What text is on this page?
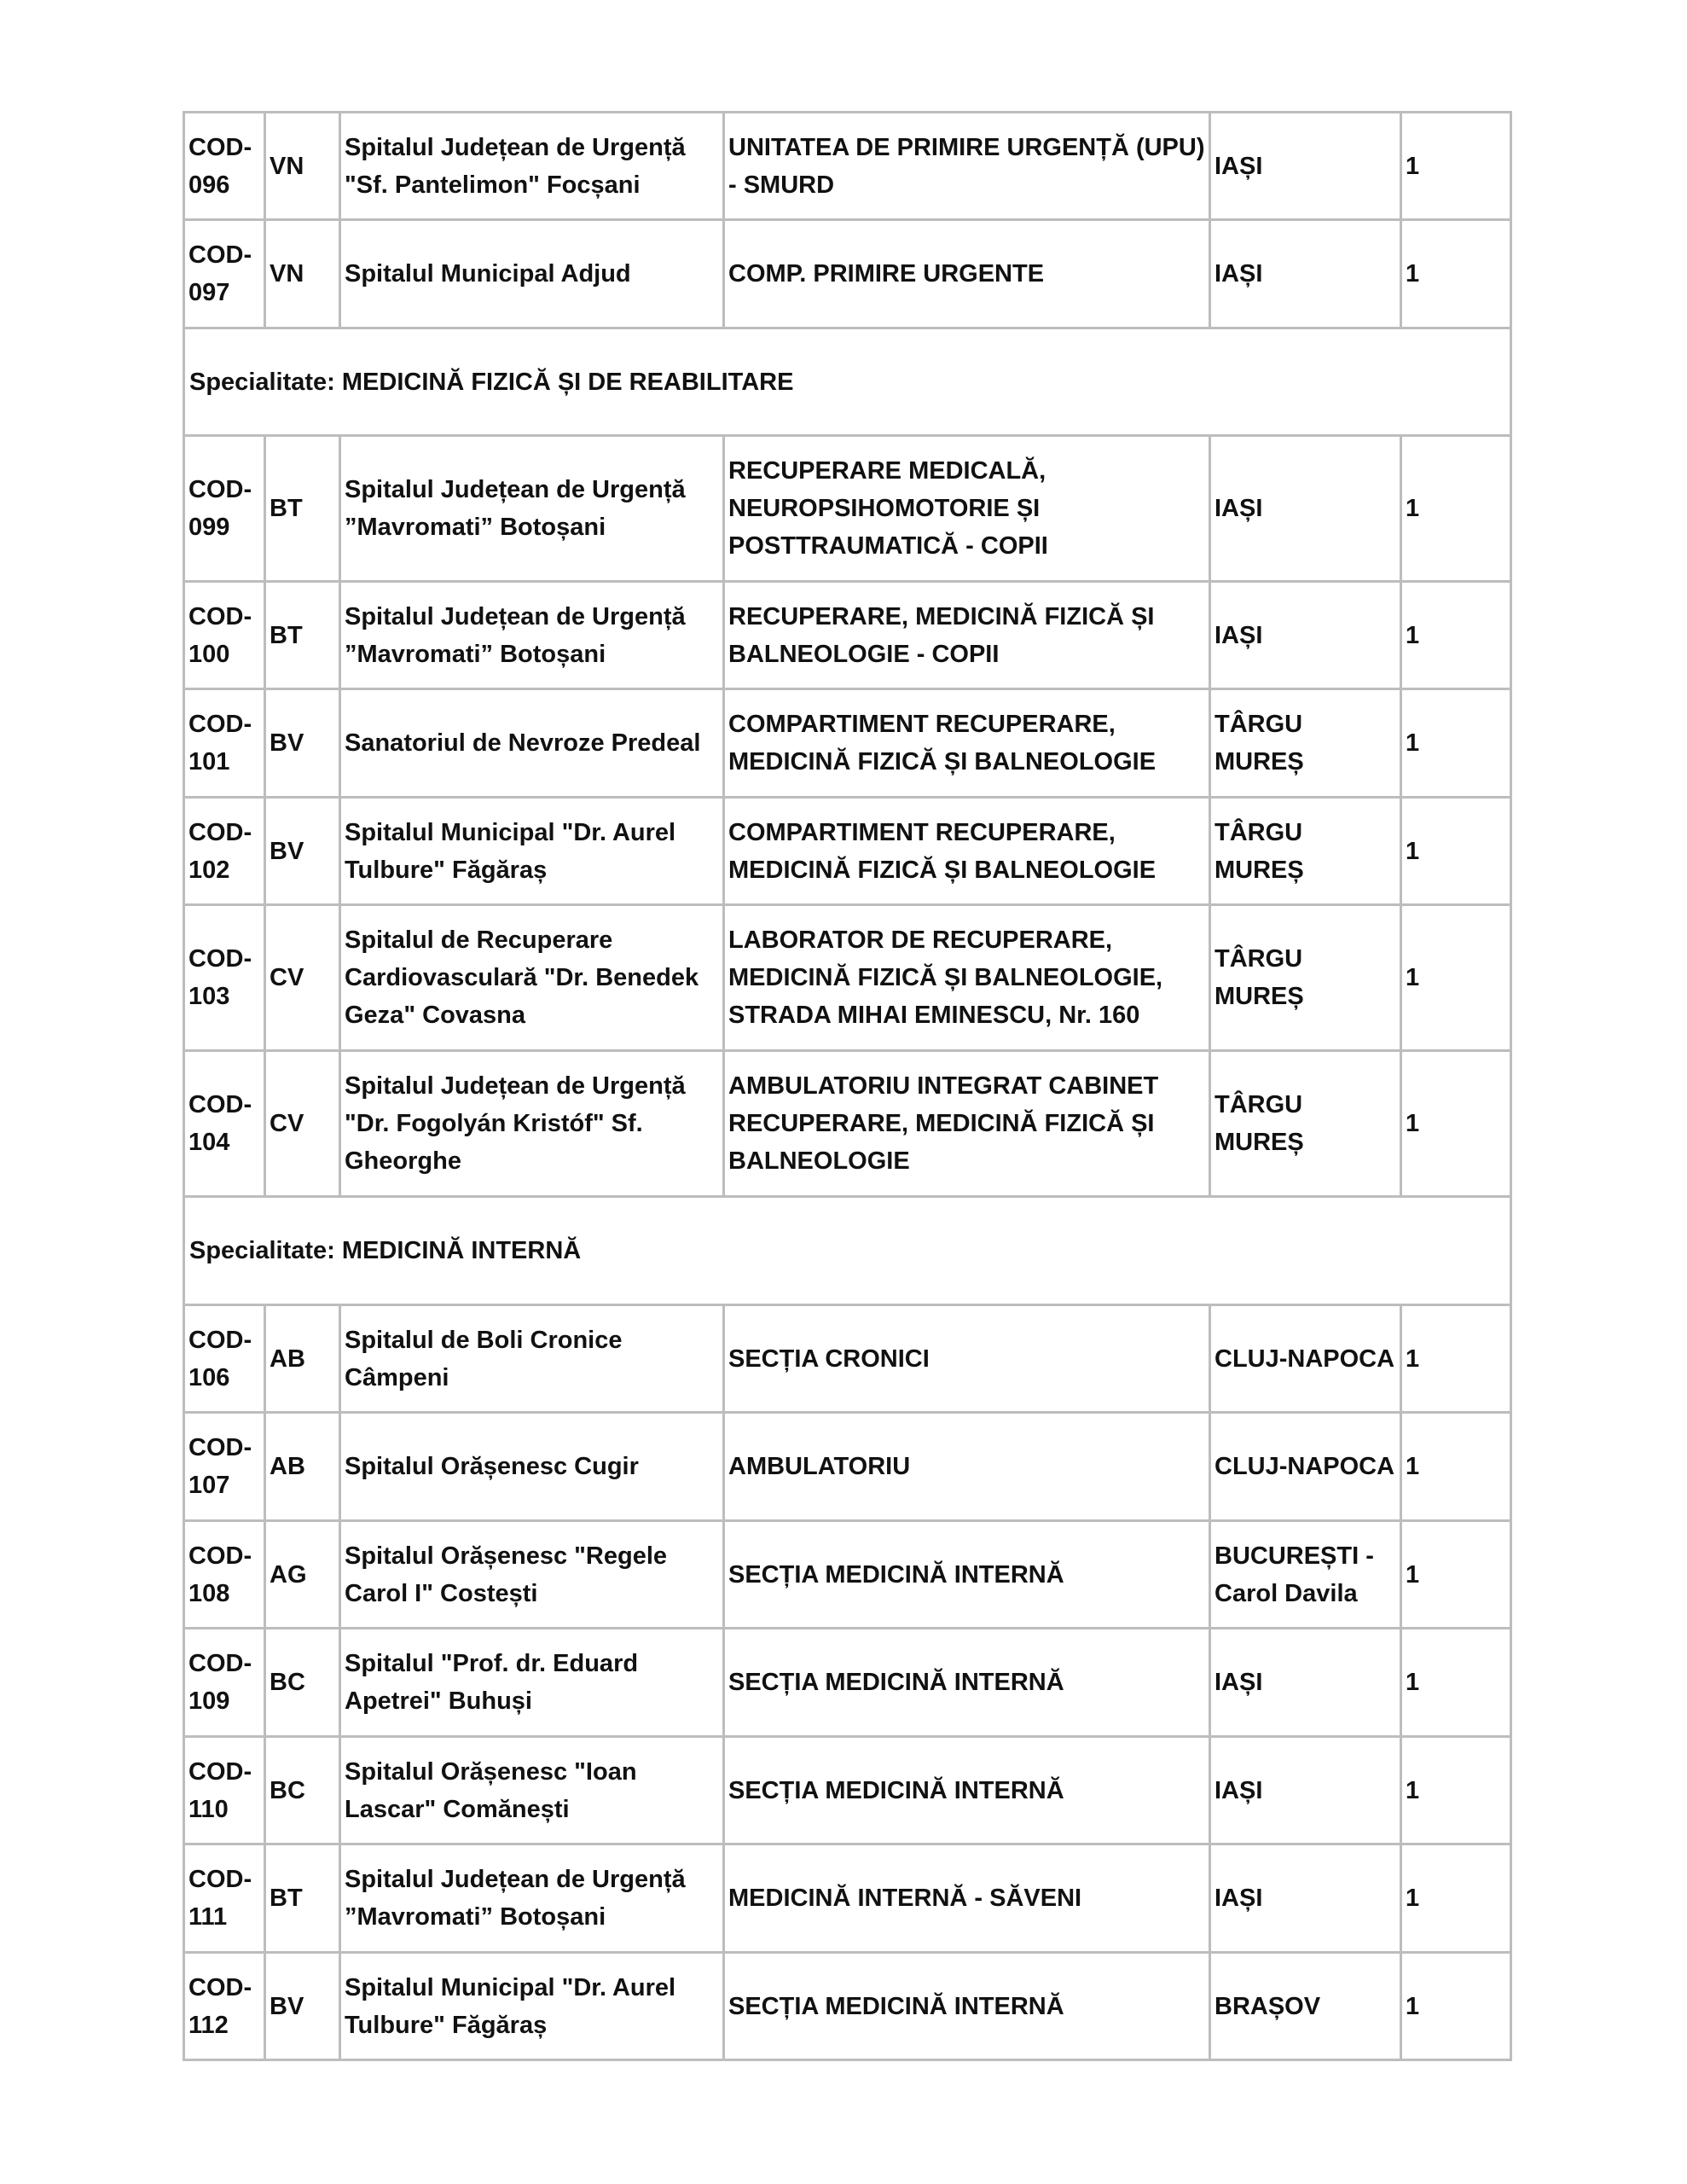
COD-096	VN	Spitalul Județean de Urgență "Sf. Pantelimon" Focșani	UNITATEA DE PRIMIRE URGENȚĂ (UPU) - SMURD	IAȘI	1
COD-097	VN	Spitalul Municipal Adjud	COMP. PRIMIRE URGENTE	IAȘI	1
Specialitate: MEDICINĂ FIZICĂ ȘI DE REABILITARE					
COD-099	BT	Spitalul Județean de Urgență ”Mavromati” Botoșani	RECUPERARE MEDICALĂ, NEUROPSIHOMOTORIE ȘI POSTTRAUMATICĂ - COPII	IAȘI	1
COD-100	BT	Spitalul Județean de Urgență ”Mavromati” Botoșani	RECUPERARE, MEDICINĂ FIZICĂ ȘI BALNEOLOGIE - COPII	IAȘI	1
COD-101	BV	Sanatoriul de Nevroze Predeal	COMPARTIMENT RECUPERARE, MEDICINĂ FIZICĂ ȘI BALNEOLOGIE	TÂRGU MUREȘ	1
COD-102	BV	Spitalul Municipal "Dr. Aurel Tulbure" Făgăraș	COMPARTIMENT RECUPERARE, MEDICINĂ FIZICĂ ȘI BALNEOLOGIE	TÂRGU MUREȘ	1
COD-103	CV	Spitalul de Recuperare Cardiovasculară "Dr. Benedek Geza" Covasna	LABORATOR DE RECUPERARE, MEDICINĂ FIZICĂ ȘI BALNEOLOGIE, STRADA MIHAI EMINESCU, Nr. 160	TÂRGU MUREȘ	1
COD-104	CV	Spitalul Județean de Urgență "Dr. Fogolyán Kristóf" Sf. Gheorghe	AMBULATORIU INTEGRAT CABINET RECUPERARE, MEDICINĂ FIZICĂ ȘI BALNEOLOGIE	TÂRGU MUREȘ	1
Specialitate: MEDICINĂ INTERNĂ					
COD-106	AB	Spitalul de Boli Cronice Câmpeni	SECȚIA CRONICI	CLUJ-NAPOCA	1
COD-107	AB	Spitalul Orășenesc Cugir	AMBULATORIU	CLUJ-NAPOCA	1
COD-108	AG	Spitalul Orășenesc "Regele Carol I" Costești	SECȚIA MEDICINĂ INTERNĂ	BUCUREȘTI - Carol Davila	1
COD-109	BC	Spitalul "Prof. dr. Eduard Apetrei" Buhuși	SECȚIA MEDICINĂ INTERNĂ	IAȘI	1
COD-110	BC	Spitalul Orășenesc "Ioan Lascar" Comănești	SECȚIA MEDICINĂ INTERNĂ	IAȘI	1
COD-111	BT	Spitalul Județean de Urgență ”Mavromati” Botoșani	MEDICINĂ INTERNĂ - SĂVENI	IAȘI	1
COD-112	BV	Spitalul Municipal "Dr. Aurel Tulbure" Făgăraș	SECȚIA MEDICINĂ INTERNĂ	BRAȘOV	1
